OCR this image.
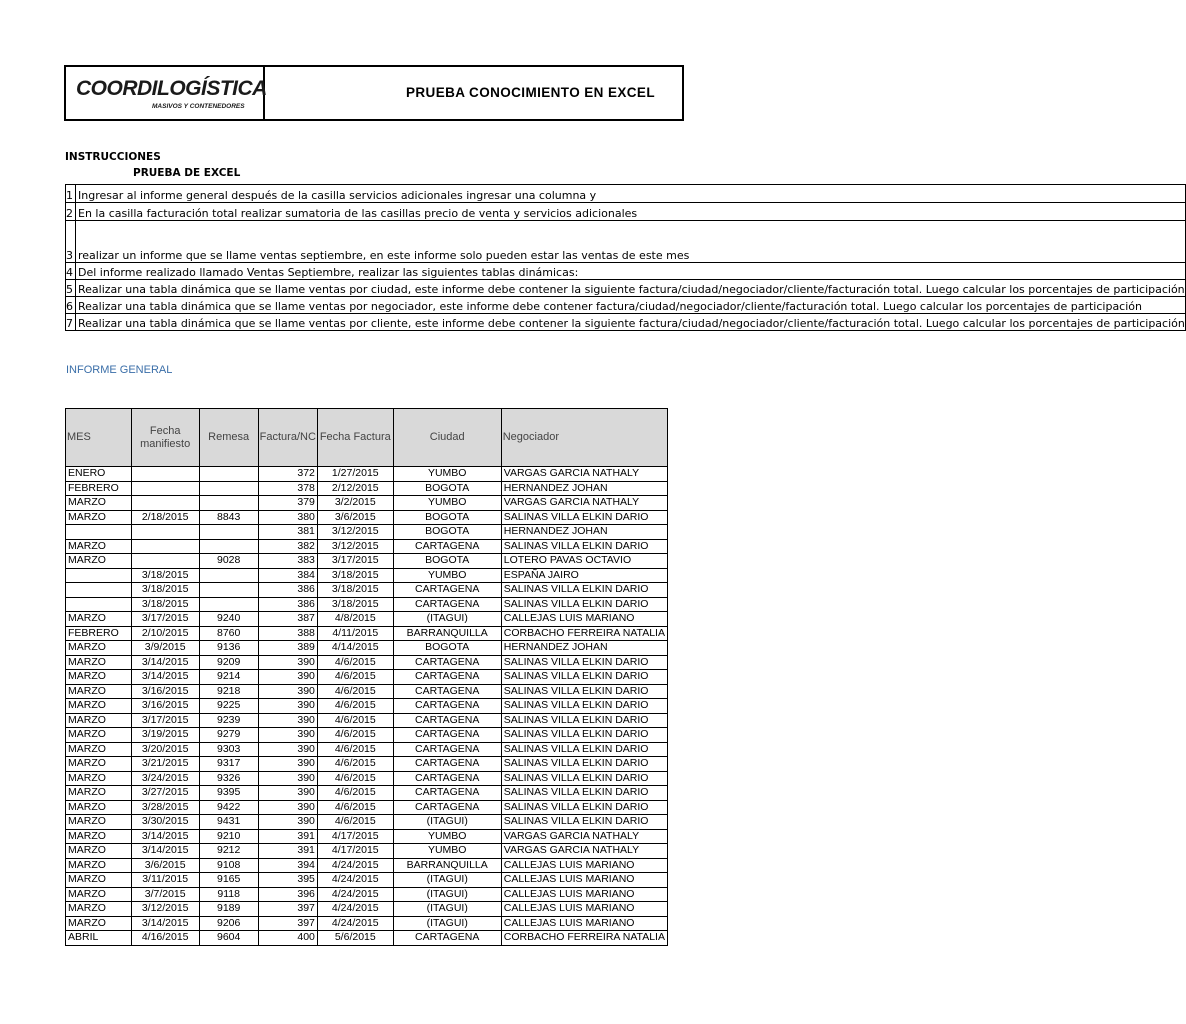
COORDILOGÍSTICA
MASIVOS Y CONTENEDORES
PRUEBA CONOCIMIENTO EN EXCEL
INSTRUCCIONES
PRUEBA DE EXCEL
1	Ingresar al informe general después de la casilla servicios adicionales ingresar una columna y
2	En la casilla facturación total realizar sumatoria de las casillas precio de venta y servicios adicionales
3	realizar un informe que se llame ventas septiembre, en este informe solo pueden estar las ventas de este mes
4	Del informe realizado llamado Ventas Septiembre, realizar las siguientes tablas dinámicas:
5	Realizar una tabla dinámica que se llame ventas por ciudad, este informe debe contener la siguiente factura/ciudad/negociador/cliente/facturación total. Luego calcular los porcentajes de participación
6	Realizar una tabla dinámica que se llame ventas por negociador, este informe debe contener factura/ciudad/negociador/cliente/facturación total. Luego calcular los porcentajes de participación
7	Realizar una tabla dinámica que se llame ventas por cliente, este informe debe contener la siguiente factura/ciudad/negociador/cliente/facturación total. Luego calcular los porcentajes de participación
INFORME GENERAL
MES	Fecha manifiesto	Remesa	Factura/NC	Fecha Factura	Ciudad	Negociador
ENERO			372	1/27/2015	YUMBO	VARGAS GARCIA NATHALY
FEBRERO			378	2/12/2015	BOGOTA	HERNANDEZ JOHAN
MARZO			379	3/2/2015	YUMBO	VARGAS GARCIA NATHALY
MARZO	2/18/2015	8843	380	3/6/2015	BOGOTA	SALINAS VILLA ELKIN DARIO
			381	3/12/2015	BOGOTA	HERNANDEZ JOHAN
MARZO			382	3/12/2015	CARTAGENA	SALINAS VILLA ELKIN DARIO
MARZO		9028	383	3/17/2015	BOGOTA	LOTERO PAVAS OCTAVIO
	3/18/2015		384	3/18/2015	YUMBO	ESPAÑA JAIRO
	3/18/2015		386	3/18/2015	CARTAGENA	SALINAS VILLA ELKIN DARIO
	3/18/2015		386	3/18/2015	CARTAGENA	SALINAS VILLA ELKIN DARIO
MARZO	3/17/2015	9240	387	4/8/2015	(ITAGUI)	CALLEJAS LUIS MARIANO
FEBRERO	2/10/2015	8760	388	4/11/2015	BARRANQUILLA	CORBACHO FERREIRA NATALIA
MARZO	3/9/2015	9136	389	4/14/2015	BOGOTA	HERNANDEZ JOHAN
MARZO	3/14/2015	9209	390	4/6/2015	CARTAGENA	SALINAS VILLA ELKIN DARIO
MARZO	3/14/2015	9214	390	4/6/2015	CARTAGENA	SALINAS VILLA ELKIN DARIO
MARZO	3/16/2015	9218	390	4/6/2015	CARTAGENA	SALINAS VILLA ELKIN DARIO
MARZO	3/16/2015	9225	390	4/6/2015	CARTAGENA	SALINAS VILLA ELKIN DARIO
MARZO	3/17/2015	9239	390	4/6/2015	CARTAGENA	SALINAS VILLA ELKIN DARIO
MARZO	3/19/2015	9279	390	4/6/2015	CARTAGENA	SALINAS VILLA ELKIN DARIO
MARZO	3/20/2015	9303	390	4/6/2015	CARTAGENA	SALINAS VILLA ELKIN DARIO
MARZO	3/21/2015	9317	390	4/6/2015	CARTAGENA	SALINAS VILLA ELKIN DARIO
MARZO	3/24/2015	9326	390	4/6/2015	CARTAGENA	SALINAS VILLA ELKIN DARIO
MARZO	3/27/2015	9395	390	4/6/2015	CARTAGENA	SALINAS VILLA ELKIN DARIO
MARZO	3/28/2015	9422	390	4/6/2015	CARTAGENA	SALINAS VILLA ELKIN DARIO
MARZO	3/30/2015	9431	390	4/6/2015	(ITAGUI)	SALINAS VILLA ELKIN DARIO
MARZO	3/14/2015	9210	391	4/17/2015	YUMBO	VARGAS GARCIA NATHALY
MARZO	3/14/2015	9212	391	4/17/2015	YUMBO	VARGAS GARCIA NATHALY
MARZO	3/6/2015	9108	394	4/24/2015	BARRANQUILLA	CALLEJAS LUIS MARIANO
MARZO	3/11/2015	9165	395	4/24/2015	(ITAGUI)	CALLEJAS LUIS MARIANO
MARZO	3/7/2015	9118	396	4/24/2015	(ITAGUI)	CALLEJAS LUIS MARIANO
MARZO	3/12/2015	9189	397	4/24/2015	(ITAGUI)	CALLEJAS LUIS MARIANO
MARZO	3/14/2015	9206	397	4/24/2015	(ITAGUI)	CALLEJAS LUIS MARIANO
ABRIL	4/16/2015	9604	400	5/6/2015	CARTAGENA	CORBACHO FERREIRA NATALIA
